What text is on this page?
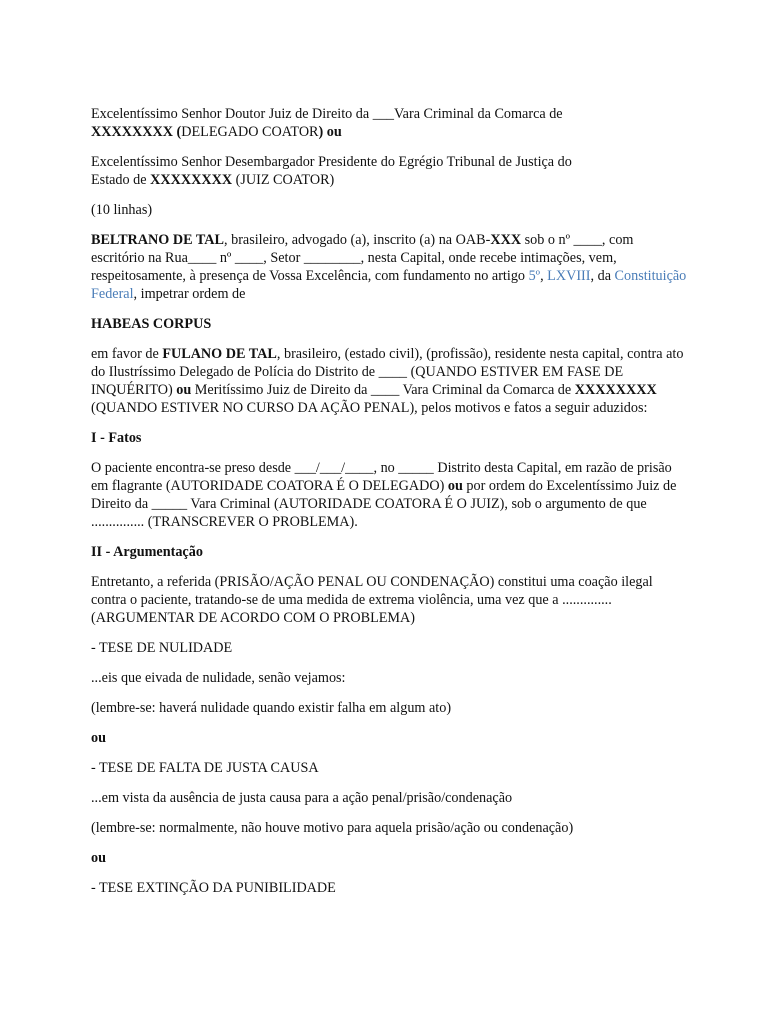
Excelentíssimo Senhor Doutor Juiz de Direito da ___Vara Criminal da Comarca de
XXXXXXXX (DELEGADO COATOR) ou

Excelentíssimo Senhor Desembargador Presidente do Egrégio Tribunal de Justiça do
Estado de XXXXXXXX (JUIZ COATOR)

(10 linhas)

BELTRANO DE TAL, brasileiro, advogado (a), inscrito (a) na OAB-XXX sob o nº ____, com escritório na Rua____ nº ____, Setor ________, nesta Capital, onde recebe intimações, vem, respeitosamente, à presença de Vossa Excelência, com fundamento no artigo 5º, LXVIII, da Constituição Federal, impetrar ordem de

HABEAS CORPUS

em favor de FULANO DE TAL, brasileiro, (estado civil), (profissão), residente nesta capital, contra ato do Ilustríssimo Delegado de Polícia do Distrito de ____ (QUANDO ESTIVER EM FASE DE INQUÉRITO) ou Meritíssimo Juiz de Direito da ____ Vara Criminal da Comarca de XXXXXXXX (QUANDO ESTIVER NO CURSO DA AÇÃO PENAL), pelos motivos e fatos a seguir aduzidos:

I - Fatos

O paciente encontra-se preso desde ___/___/____, no _____ Distrito desta Capital, em razão de prisão em flagrante (AUTORIDADE COATORA É O DELEGADO) ou por ordem do Excelentíssimo Juiz de Direito da _____ Vara Criminal (AUTORIDADE COATORA É O JUIZ), sob o argumento de que ............... (TRANSCREVER O PROBLEMA).

II - Argumentação

Entretanto, a referida (PRISÃO/AÇÃO PENAL OU CONDENAÇÃO) constitui uma coação ilegal contra o paciente, tratando-se de uma medida de extrema violência, uma vez que a .............. (ARGUMENTAR DE ACORDO COM O PROBLEMA)

- TESE DE NULIDADE

...eis que eivada de nulidade, senão vejamos:

(lembre-se: haverá nulidade quando existir falha em algum ato)

ou

- TESE DE FALTA DE JUSTA CAUSA

...em vista da ausência de justa causa para a ação penal/prisão/condenação

(lembre-se: normalmente, não houve motivo para aquela prisão/ação ou condenação)

ou

- TESE EXTINÇÃO DA PUNIBILIDADE
